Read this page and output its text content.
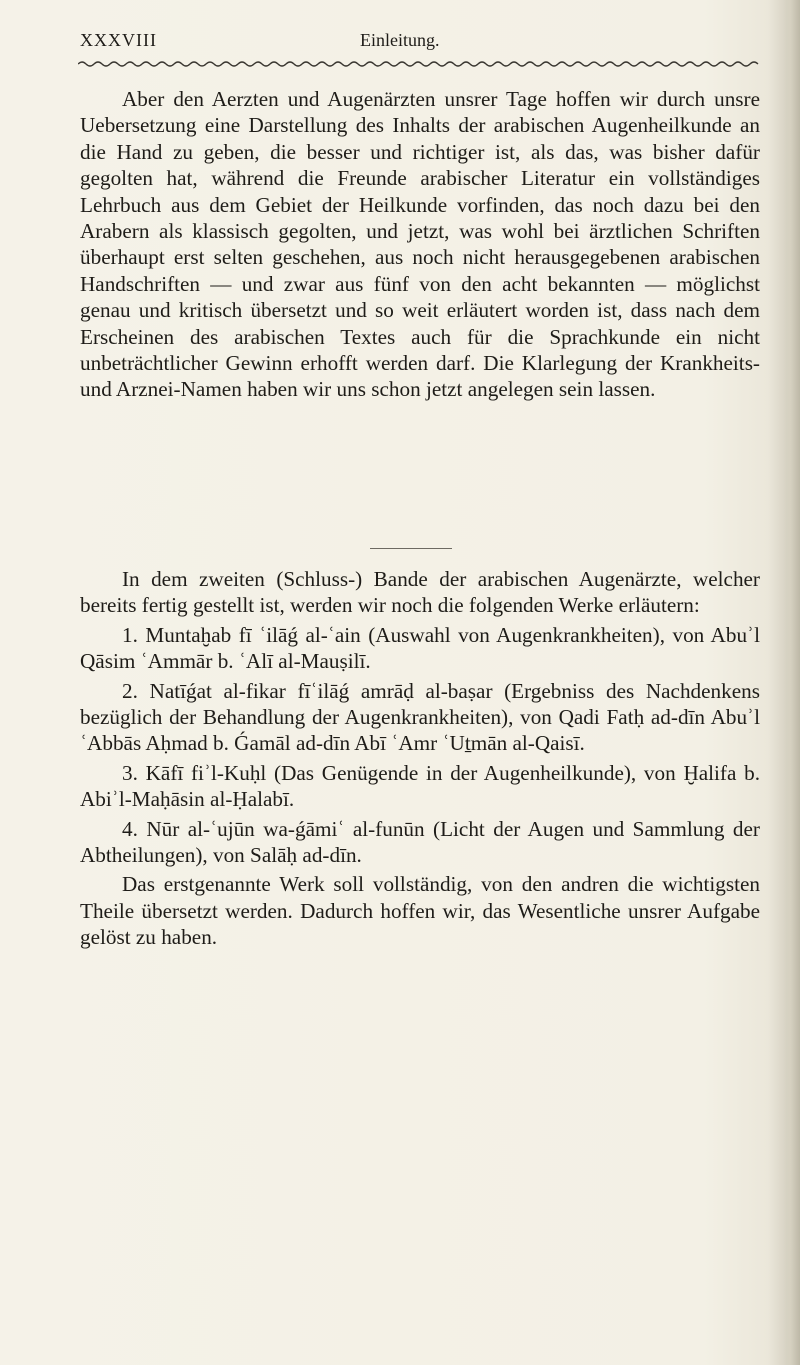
XXXVIII	Einleitung.

Aber den Aerzten und Augenärzten unsrer Tage hoffen wir durch unsre Uebersetzung eine Darstellung des Inhalts der arabischen Augenheilkunde an die Hand zu geben, die besser und richtiger ist, als das, was bisher dafür gegolten hat, während die Freunde arabischer Literatur ein vollständiges Lehrbuch aus dem Gebiet der Heilkunde vorfinden, das noch dazu bei den Arabern als klassisch gegolten, und jetzt, was wohl bei ärztlichen Schriften überhaupt erst selten geschehen, aus noch nicht herausgegebenen arabischen Handschriften — und zwar aus fünf von den acht bekannten — möglichst genau und kritisch übersetzt und so weit erläutert worden ist, dass nach dem Erscheinen des arabischen Textes auch für die Sprachkunde ein nicht unbeträchtlicher Gewinn erhofft werden darf. Die Klarlegung der Krankheits- und Arznei-Namen haben wir uns schon jetzt angelegen sein lassen.

In dem zweiten (Schluss-) Bande der arabischen Augenärzte, welcher bereits fertig gestellt ist, werden wir noch die folgenden Werke erläutern:

1. Muntaḫab fī ʿilāǵ al-ʿain (Auswahl von Augenkrankheiten), von Abuʾl Qāsim ʿAmmār b. ʿAlī al-Mauṣilī.

2. Natīǵat al-fikar fīʿilāǵ amrāḍ al-baṣar (Ergebniss des Nachdenkens bezüglich der Behandlung der Augenkrankheiten), von Qadi Fatḥ ad-dīn Abuʾl ʿAbbās Aḥmad b. Ǵamāl ad-dīn Abī ʿAmr ʿUṯmān al-Qaisī.

3. Kāfī fiʾl-Kuḥl (Das Genügende in der Augenheilkunde), von Ḫalifa b. Abiʾl-Maḥāsin al-Ḥalabī.

4. Nūr al-ʿujūn wa-ǵāmiʿ al-funūn (Licht der Augen und Sammlung der Abtheilungen), von Salāḥ ad-dīn.

Das erstgenannte Werk soll vollständig, von den andren die wichtigsten Theile übersetzt werden. Dadurch hoffen wir, das Wesentliche unsrer Aufgabe gelöst zu haben.
